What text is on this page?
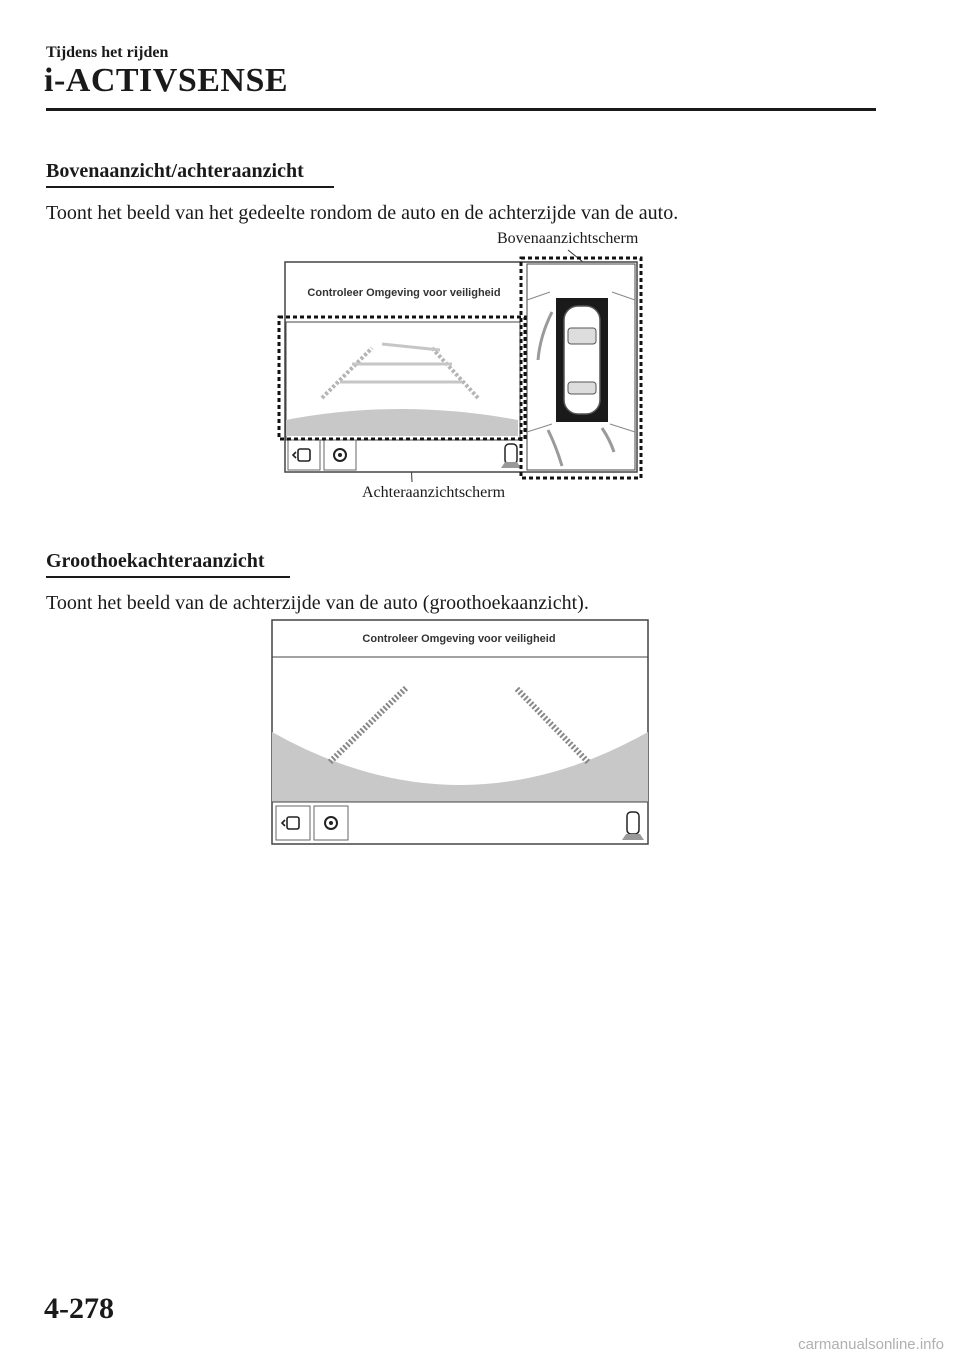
Tijdens het rijden
i-ACTIVSENSE
Bovenaanzicht/achteraanzicht
Toont het beeld van het gedeelte rondom de auto en de achterzijde van de auto.
Bovenaanzichtscherm
Achteraanzichtscherm
Controleer Omgeving voor veiligheid
Groothoekachteraanzicht
Toont het beeld van de achterzijde van de auto (groothoekaanzicht).
Controleer Omgeving voor veiligheid
4-278
carmanualsonline.info
